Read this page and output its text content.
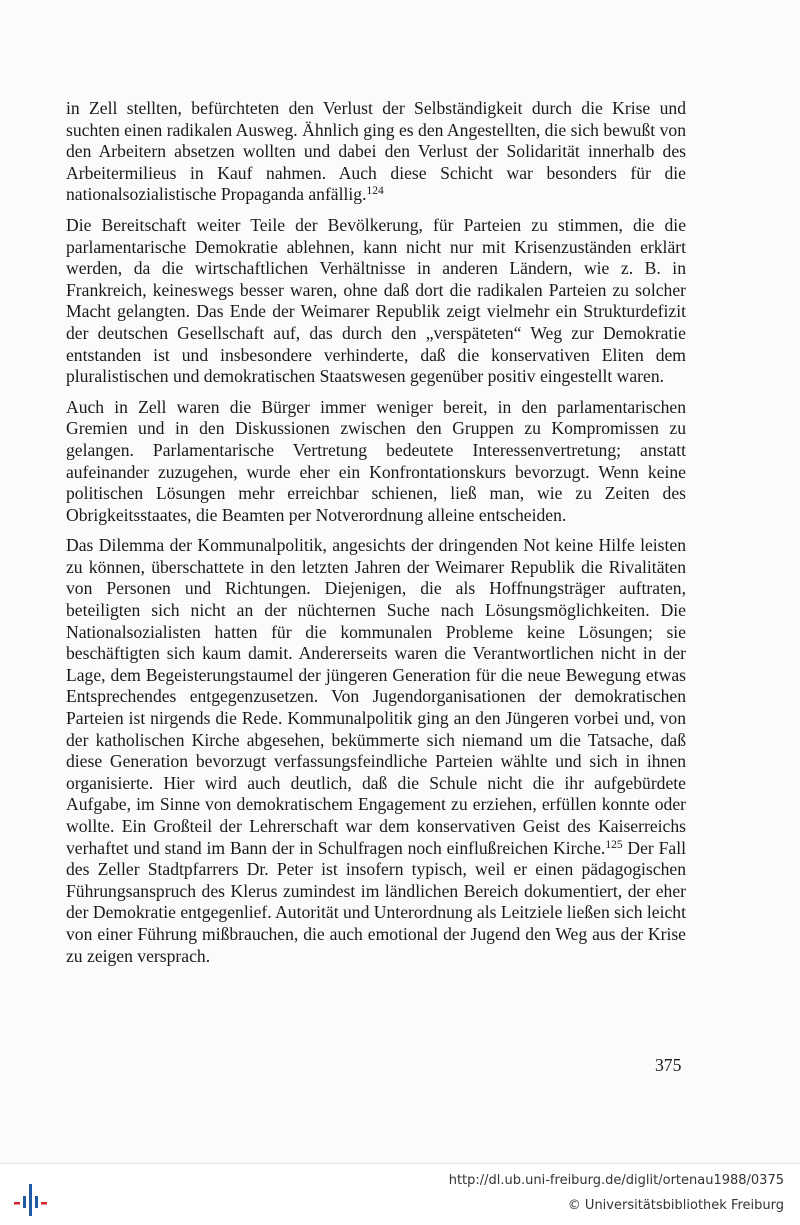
in Zell stellten, befürchteten den Verlust der Selbständigkeit durch die Krise und suchten einen radikalen Ausweg. Ähnlich ging es den Angestellten, die sich bewußt von den Arbeitern absetzen wollten und dabei den Verlust der Solidarität innerhalb des Arbeitermilieus in Kauf nahmen. Auch diese Schicht war besonders für die nationalsozialistische Propaganda anfällig.$^{124}$

Die Bereitschaft weiter Teile der Bevölkerung, für Parteien zu stimmen, die die parlamentarische Demokratie ablehnen, kann nicht nur mit Krisenzuständen erklärt werden, da die wirtschaftlichen Verhältnisse in anderen Ländern, wie z. B. in Frankreich, keineswegs besser waren, ohne daß dort die radikalen Parteien zu solcher Macht gelangten. Das Ende der Weimarer Republik zeigt vielmehr ein Strukturdefizit der deutschen Gesellschaft auf, das durch den „verspäteten“ Weg zur Demokratie entstanden ist und insbesondere verhinderte, daß die konservativen Eliten dem pluralistischen und demokratischen Staatswesen gegenüber positiv eingestellt waren.

Auch in Zell waren die Bürger immer weniger bereit, in den parlamentarischen Gremien und in den Diskussionen zwischen den Gruppen zu Kompromissen zu gelangen. Parlamentarische Vertretung bedeutete Interessenvertretung; anstatt aufeinander zuzugehen, wurde eher ein Konfrontationskurs bevorzugt. Wenn keine politischen Lösungen mehr erreichbar schienen, ließ man, wie zu Zeiten des Obrigkeitsstaates, die Beamten per Notverordnung alleine entscheiden.

Das Dilemma der Kommunalpolitik, angesichts der dringenden Not keine Hilfe leisten zu können, überschattete in den letzten Jahren der Weimarer Republik die Rivalitäten von Personen und Richtungen. Diejenigen, die als Hoffnungsträger auftraten, beteiligten sich nicht an der nüchternen Suche nach Lösungsmöglichkeiten. Die Nationalsozialisten hatten für die kommunalen Probleme keine Lösungen; sie beschäftigten sich kaum damit. Andererseits waren die Verantwortlichen nicht in der Lage, dem Begeisterungstaumel der jüngeren Generation für die neue Bewegung etwas Entsprechendes entgegenzusetzen. Von Jugendorganisationen der demokratischen Parteien ist nirgends die Rede. Kommunalpolitik ging an den Jüngeren vorbei und, von der katholischen Kirche abgesehen, bekümmerte sich niemand um die Tatsache, daß diese Generation bevorzugt verfassungsfeindliche Parteien wählte und sich in ihnen organisierte. Hier wird auch deutlich, daß die Schule nicht die ihr aufgebürdete Aufgabe, im Sinne von demokratischem Engagement zu erziehen, erfüllen konnte oder wollte. Ein Großteil der Lehrerschaft war dem konservativen Geist des Kaiserreichs verhaftet und stand im Bann der in Schulfragen noch einflußreichen Kirche.$^{125}$ Der Fall des Zeller Stadtpfarrers Dr. Peter ist insofern typisch, weil er einen pädagogischen Führungsanspruch des Klerus zumindest im ländlichen Bereich dokumentiert, der eher der Demokratie entgegenlief. Autorität und Unterordnung als Leitziele ließen sich leicht von einer Führung mißbrauchen, die auch emotional der Jugend den Weg aus der Krise zu zeigen versprach.

375
http://dl.ub.uni-freiburg.de/diglit/ortenau1988/0375
© Universitätsbibliothek Freiburg
